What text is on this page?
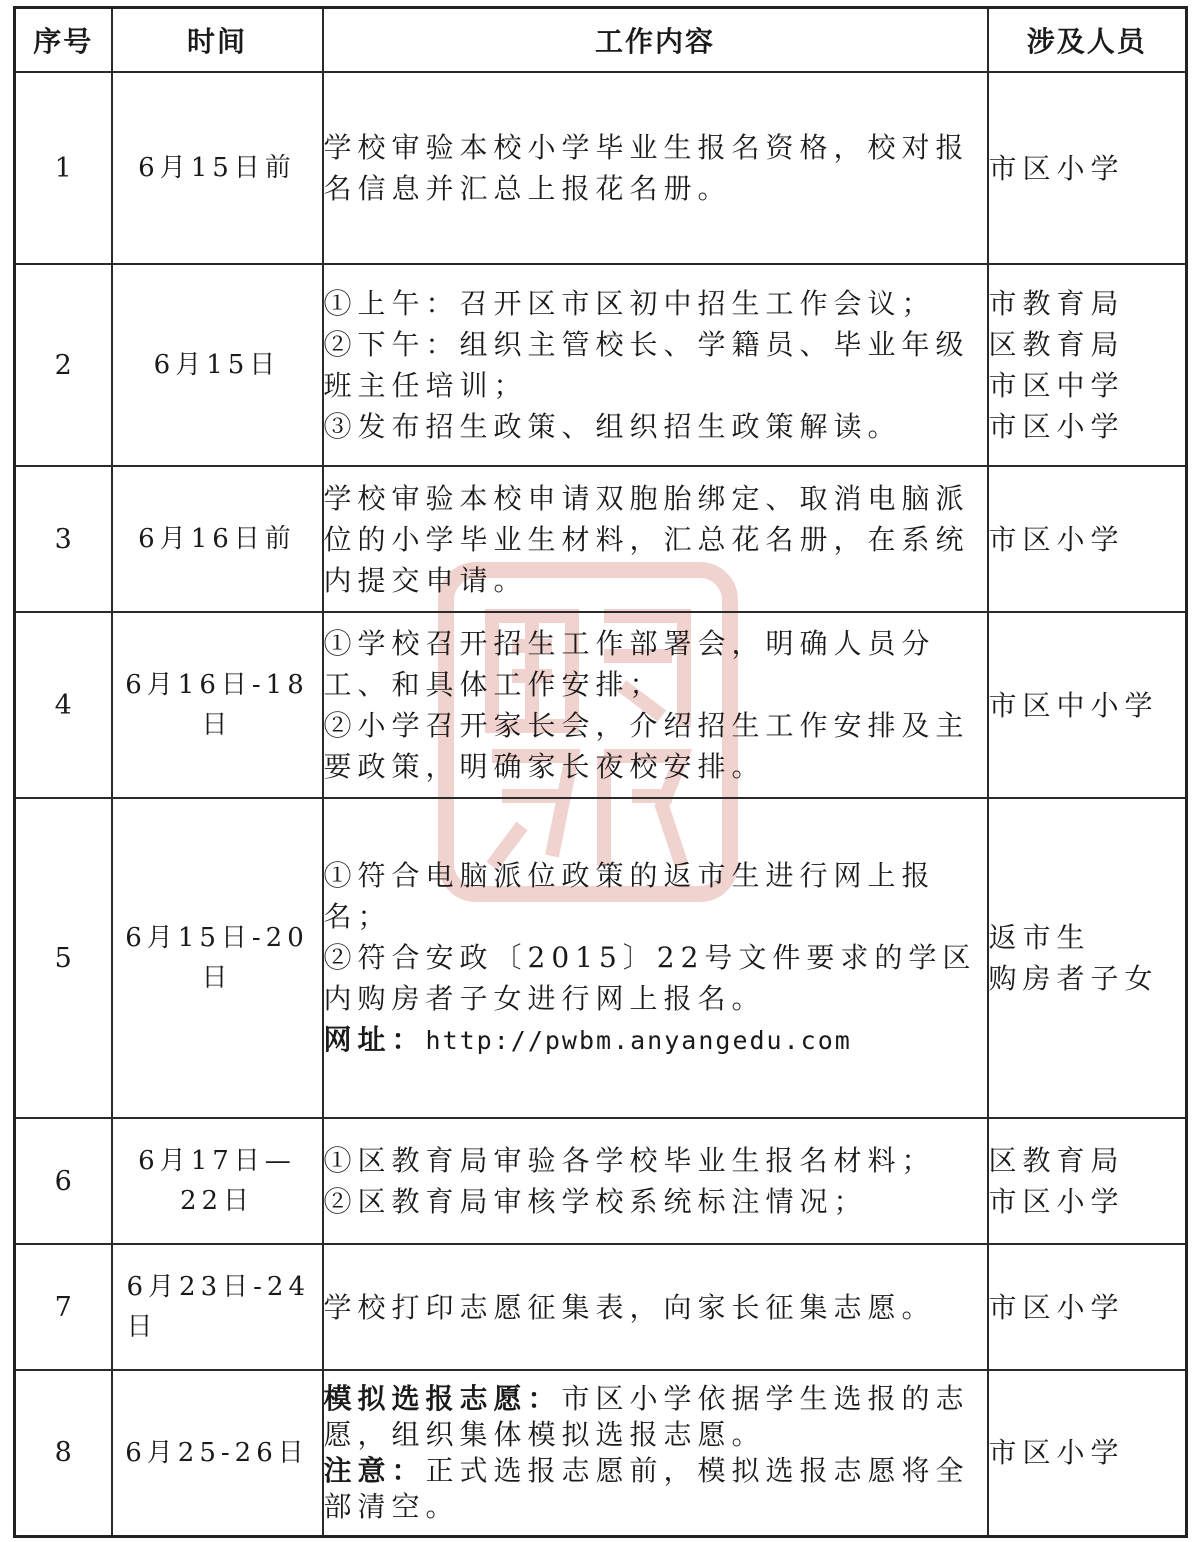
序号	时间	工作内容	涉及人员
1	6月15日前	学校审验本校小学毕业生报名资格，校对报名信息并汇总上报花名册。	市区小学

2	6月15日	①上午：召开区市区初中招生工作会议；
②下午：组织主管校长、学籍员、毕业年级班主任培训；
③发布招生政策、组织招生政策解读。	市教育局
区教育局
市区中学
市区小学

3	6月16日前	学校审验本校申请双胞胎绑定、取消电脑派位的小学毕业生材料，汇总花名册，在系统内提交申请。	市区小学

4	6月16日-18
日	①学校召开招生工作部署会，明确人员分工、和具体工作安排；
②小学召开家长会，介绍招生工作安排及主要政策，明确家长夜校安排。	市区中小学

5	6月15日-20
日	①符合电脑派位政策的返市生进行网上报名；
②符合安政〔2015〕22号文件要求的学区内购房者子女进行网上报名。
网址：http://pwbm.anyangedu.com	返市生
购房者子女

6	6月17日—
22日	①区教育局审验各学校毕业生报名材料；
②区教育局审核学校系统标注情况；	区教育局
市区小学

7	6月23日-24
日	学校打印志愿征集表，向家长征集志愿。	市区小学

8	6月25-26日	模拟选报志愿：市区小学依据学生选报的志愿，组织集体模拟选报志愿。
注意：正式选报志愿前，模拟选报志愿将全部清空。	市区小学
